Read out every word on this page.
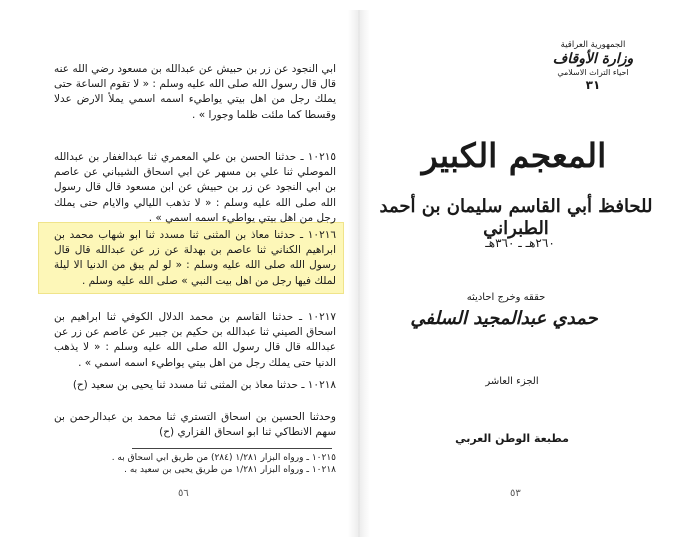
ابي النجود عن زر بن حبيش عن عبدالله بن مسعود رضي الله عنه قال قال رسول الله صلى الله عليه وسلم : « لا تقوم الساعة حتى يملك رجل من اهل بيتي يواطيء اسمه اسمي يملأ الارض عدلا وقسطا كما ملئت ظلما وجورا » .
١٠٢١٥ ـ حدثنا الحسن بن علي المعمري ثنا عبدالغفار بن عبدالله الموصلي ثنا علي بن مسهر عن ابي اسحاق الشيباني عن عاصم بن ابي النجود عن زر بن حبيش عن ابن مسعود قال قال رسول الله صلى الله عليه وسلم : « لا تذهب الليالي والايام حتى يملك رجل من اهل بيتي يواطيء اسمه اسمي » .
١٠٢١٦ ـ حدثنا معاذ بن المثنى ثنا مسدد ثنا ابو شهاب محمد بن ابراهيم الكناني ثنا عاصم بن بهدلة عن زر عن عبدالله قال قال رسول الله صلى الله عليه وسلم : « لو لم يبق من الدنيا الا ليلة لملك فيها رجل من اهل بيت النبي » صلى الله عليه وسلم .
١٠٢١٧ ـ حدثنا القاسم بن محمد الدلال الكوفي ثنا ابراهيم بن اسحاق الصيني ثنا عبدالله بن حكيم بن جبير عن عاصم عن زر عن عبدالله قال قال رسول الله صلى الله عليه وسلم : « لا يذهب الدنيا حتى يملك رجل من اهل بيتي يواطيء اسمه اسمي » .
١٠٢١٨ ـ حدثنا معاذ بن المثنى ثنا مسدد ثنا يحيى بن سعيد (ح)
وحدثنا الحسين بن اسحاق التستري ثنا محمد بن عبدالرحمن بن سهم الانطاكي ثنا ابو اسحاق الفزاري (ح)
١٠٢١٥ ـ ورواه البزار ١/٢٨١ (٢٨٤) من طريق ابي اسحاق به .
١٠٢١٨ ـ ورواه البزار ١/٢٨١ من طريق يحيى بن سعيد به .
٥٦
الجمهورية العراقية
وزارة الأوقاف
احياء التراث الاسلامي
٣١
المعجم الكبير
للحافظ أبي القاسم سليمان بن أحمد الطبراني
٢٦٠هـ ـ ٣٦٠هـ
حققه وخرج احاديثه
حمدي عبدالمجيد السلفي
الجزء العاشر
مطبعة الوطن العربي
٥٣
